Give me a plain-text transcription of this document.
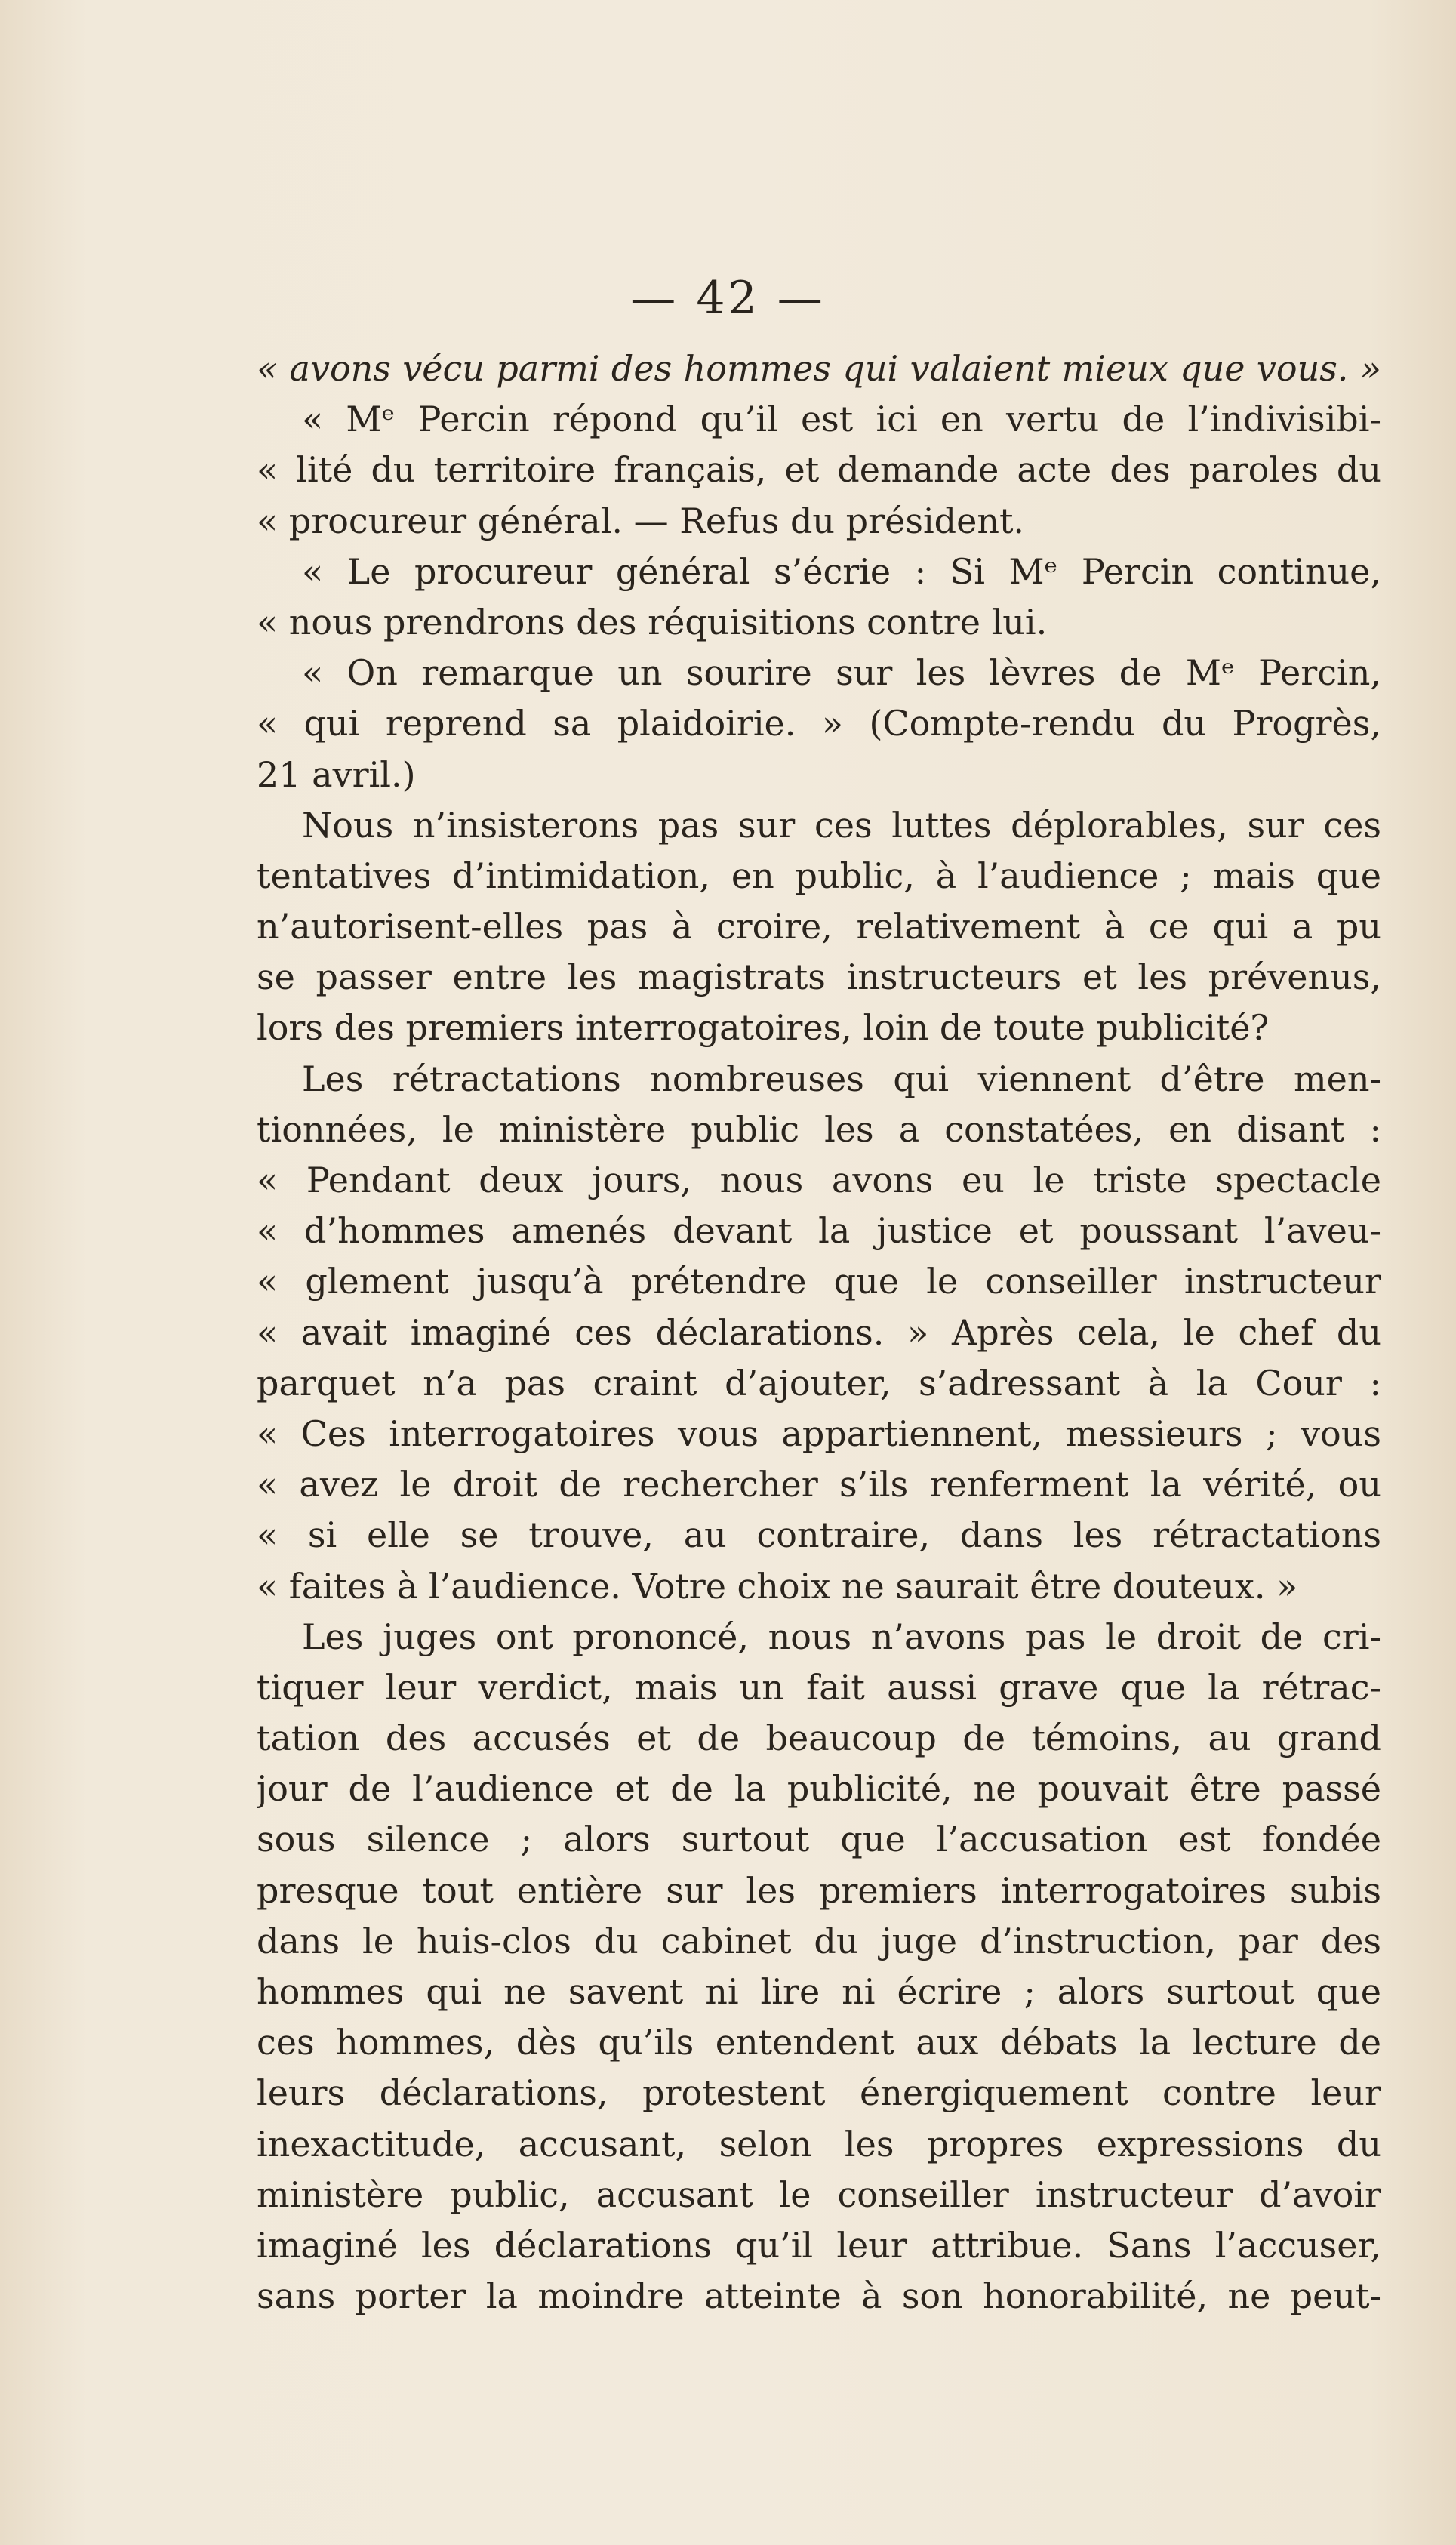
— 42 —
« avons vécu parmi des hommes qui valaient mieux que vous. »
« Mᵉ Percin répond qu’il est ici en vertu de l’indivisibi-
« lité du territoire français, et demande acte des paroles du
« procureur général. — Refus du président.
« Le procureur général s’écrie : Si Mᵉ Percin continue,
« nous prendrons des réquisitions contre lui.
« On remarque un sourire sur les lèvres de Mᵉ Percin,
« qui reprend sa plaidoirie. » (Compte-rendu du Progrès,
21 avril.)
Nous n’insisterons pas sur ces luttes déplorables, sur ces
tentatives d’intimidation, en public, à l’audience ; mais que
n’autorisent-elles pas à croire, relativement à ce qui a pu
se passer entre les magistrats instructeurs et les prévenus,
lors des premiers interrogatoires, loin de toute publicité?
Les rétractations nombreuses qui viennent d’être men-
tionnées, le ministère public les a constatées, en disant :
« Pendant deux jours, nous avons eu le triste spectacle
« d’hommes amenés devant la justice et poussant l’aveu-
« glement jusqu’à prétendre que le conseiller instructeur
« avait imaginé ces déclarations. » Après cela, le chef du
parquet n’a pas craint d’ajouter, s’adressant à la Cour :
« Ces interrogatoires vous appartiennent, messieurs ; vous
« avez le droit de rechercher s’ils renferment la vérité, ou
« si elle se trouve, au contraire, dans les rétractations
« faites à l’audience. Votre choix ne saurait être douteux. »
Les juges ont prononcé, nous n’avons pas le droit de cri-
tiquer leur verdict, mais un fait aussi grave que la rétrac-
tation des accusés et de beaucoup de témoins, au grand
jour de l’audience et de la publicité, ne pouvait être passé
sous silence ; alors surtout que l’accusation est fondée
presque tout entière sur les premiers interrogatoires subis
dans le huis-clos du cabinet du juge d’instruction, par des
hommes qui ne savent ni lire ni écrire ; alors surtout que
ces hommes, dès qu’ils entendent aux débats la lecture de
leurs déclarations, protestent énergiquement contre leur
inexactitude, accusant, selon les propres expressions du
ministère public, accusant le conseiller instructeur d’avoir
imaginé les déclarations qu’il leur attribue. Sans l’accuser,
sans porter la moindre atteinte à son honorabilité, ne peut-
